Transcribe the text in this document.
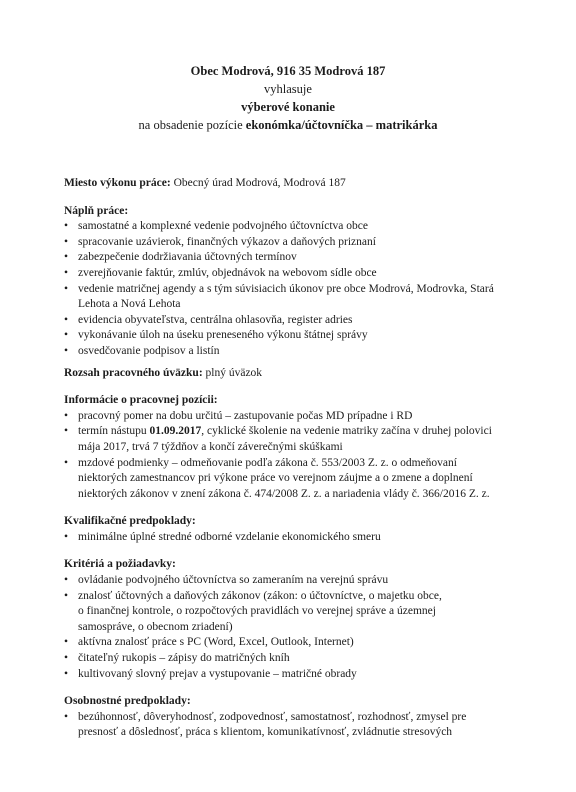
Obec Modrová, 916 35 Modrová 187
vyhlasuje
výberové konanie
na obsadenie pozície ekonómka/účtovníčka – matrikárka
Miesto výkonu práce: Obecný úrad Modrová, Modrová 187
Náplň práce:
• samostatné a komplexné vedenie podvojného účtovníctva obce
• spracovanie uzávierok, finančných výkazov a daňových priznaní
• zabezpečenie dodržiavania účtovných termínov
• zverejňovanie faktúr, zmlúv, objednávok na webovom sídle obce
• vedenie matričnej agendy a s tým súvisiacich úkonov pre obce Modrová, Modrovka, Stará
Lehota a Nová Lehota
• evidencia obyvateľstva, centrálna ohlasovňa, register adries
• vykonávanie úloh na úseku preneseného výkonu štátnej správy
• osvedčovanie podpisov a listín
Rozsah pracovného úväzku: plný úväzok
Informácie o pracovnej pozícii:
• pracovný pomer na dobu určitú – zastupovanie počas MD prípadne i RD
• termín nástupu 01.09.2017, cyklické školenie na vedenie matriky začína v druhej polovici
mája 2017, trvá 7 týždňov a končí záverečnými skúškami
• mzdové podmienky – odmeňovanie podľa zákona č. 553/2003 Z. z. o odmeňovaní
niektorých zamestnancov pri výkone práce vo verejnom záujme a o zmene a doplnení
niektorých zákonov v znení zákona č. 474/2008 Z. z. a nariadenia vlády č. 366/2016 Z. z.
Kvalifikačné predpoklady:
• minimálne úplné stredné odborné vzdelanie ekonomického smeru
Kritériá a požiadavky:
• ovládanie podvojného účtovníctva so zameraním na verejnú správu
• znalosť účtovných a daňových zákonov (zákon: o účtovníctve, o majetku obce,
o finančnej kontrole, o rozpočtových pravidlách vo verejnej správe a územnej
samospráve, o obecnom zriadení)
• aktívna znalosť práce s PC (Word, Excel, Outlook, Internet)
• čitateľný rukopis – zápisy do matričných kníh
• kultivovaný slovný prejav a vystupovanie – matričné obrady
Osobnostné predpoklady:
• bezúhonnosť, dôveryhodnosť, zodpovednosť, samostatnosť, rozhodnosť, zmysel pre
presnosť a dôslednosť, práca s klientom, komunikatívnosť, zvládnutie stresových
